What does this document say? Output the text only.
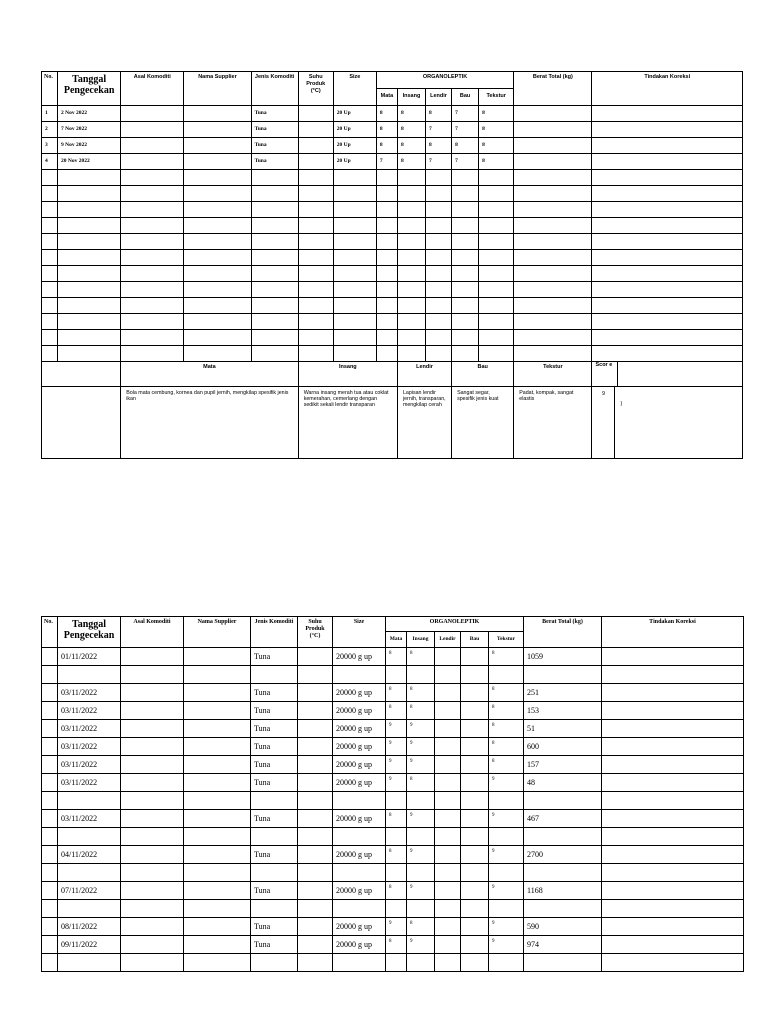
No.	Tanggal Pengecekan	Asal Komoditi	Nama Supplier	Jenis Komoditi	Suhu Produk (°C)	Size	ORGANOLEPTIK					Berat Total (kg)	Tindakan Koreksi
							Mata	Insang	Lendir	Bau	Tekstur		
1	2 Nov 2022			Tuna		20 Up	8	8	8	7	8		
2	7 Nov 2022			Tuna		20 Up	8	8	7	7	8		
3	9 Nov 2022			Tuna		20 Up	8	8	8	8	8		
4	20 Nov 2022			Tuna		20 Up	7	8	7	7	8		

		Mata			Insang			Lendir		Bau		Tekstur	Scor e

		Bola mata cembung, kornea dan pupil jernih, mengkilap spesifik jenis ikan			Warna insang merah tua atau coklat kemerahan, cemerlang dengan sedikit sekali lendir transparan			Lapisan lendir jernih, transparan, mengkilap cerah		Sangat segar, spesifik jenis kuat		Padat, kompak, sangat elastis	9
)
No.	Tanggal Pengecekan	Asal Komoditi	Nama Supplier	Jenis Komoditi	Suhu Produk (°C)	Size	ORGANOLEPTIK					Berat Total (kg)	Tindakan Koreksi
							Mata	Insang	Lendir	Bau	Tekstur		
	01/11/2022			Tuna		20000 g up	8	8			8	1059	

	03/11/2022			Tuna		20000 g up	8	8			8	251	
	03/11/2022			Tuna		20000 g up	8	8			8	153	
	03/11/2022			Tuna		20000 g up	9	9			8	51	
	03/11/2022			Tuna		20000 g up	9	9			8	600	
	03/11/2022			Tuna		20000 g up	9	9			8	157	
	03/11/2022			Tuna		20000 g up	9	8			9	48	

	03/11/2022			Tuna		20000 g up	8	9			9	467	

	04/11/2022			Tuna		20000 g up	8	9			9	2700	

	07/11/2022			Tuna		20000 g up	8	9			9	1168	

	08/11/2022			Tuna		20000 g up	9	8			9	590	
	09/11/2022			Tuna		20000 g up	8	9			9	974	
